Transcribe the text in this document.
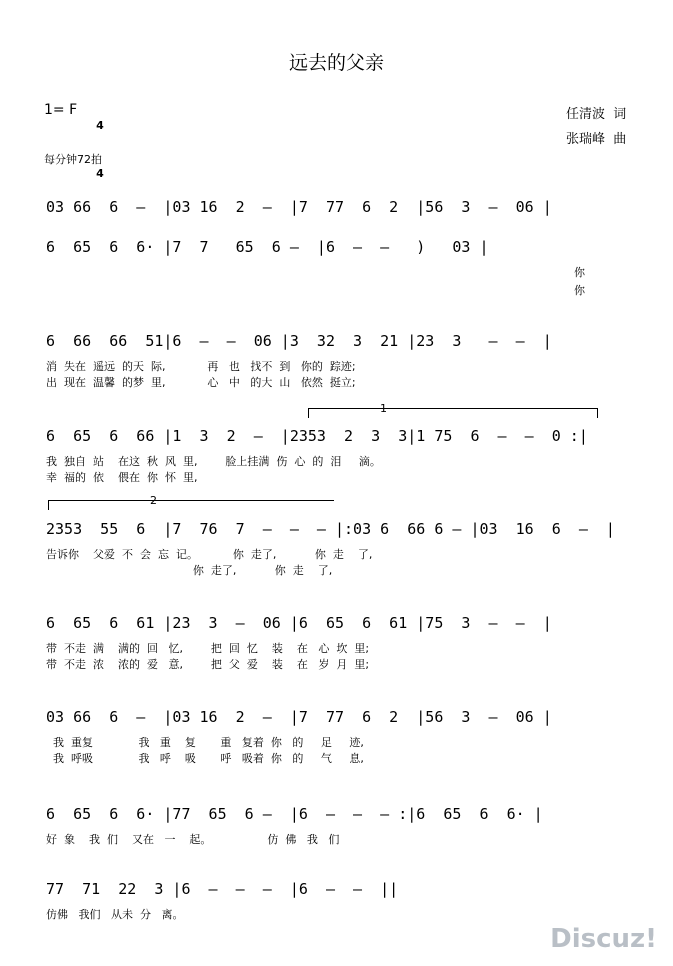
远去的父亲
1= F

4

4

任清波  词
张瑞峰  曲
每分钟72拍
1
2
03 66  6  –  |03 16  2  –  |7  77  6  2  |56  3  –  06 |
6  65  6  6· |7  7   65  6 –  |6  –  –   )   03 |
你
你
6  66  66  51|6  –  –  06 |3  32  3  21 |23  3   –  –  |
消  失在  遥远  的天  际,            再   也   找不  到   你的  踪迹;
出  现在  温馨  的梦  里,            心   中   的大  山   依然  挺立;
6  65  6  66 |1  3  2  –  |2353  2  3  3|1 75  6  –  –  0 :|
我  独自  站    在这  秋  风  里,        脸上挂满  伤  心  的  泪     滴。
幸  福的  依    偎在  你  怀  里,
2353  55  6  |7  76  7  –  –  – |:03 6  66 6 – |03  16  6  –  |
告诉你    父爱  不  会  忘  记。          你  走了,           你  走    了,
你  走了,           你  走    了,
6  65  6  61 |23  3  –  06 |6  65  6  61 |75  3  –  –  |
带  不走  满    满的  回   忆,        把  回  忆    装    在   心  坎  里;
带  不走  浓    浓的  爱   意,        把  父  爱    装    在   岁  月  里;
03 66  6  –  |03 16  2  –  |7  77  6  2  |56  3  –  06 |
我  重复             我   重    复       重   复着  你   的     足     迹,
我  呼吸             我   呼    吸       呼   吸着  你   的     气     息,
6  65  6  6· |77  65  6 –  |6  –  –  – :|6  65  6  6· |
好  象    我  们    又在   一    起。                仿  佛   我   们
77  71  22  3 |6  –  –  –  |6  –  –  ||
仿佛   我们   从未  分   离。
Discuz!
